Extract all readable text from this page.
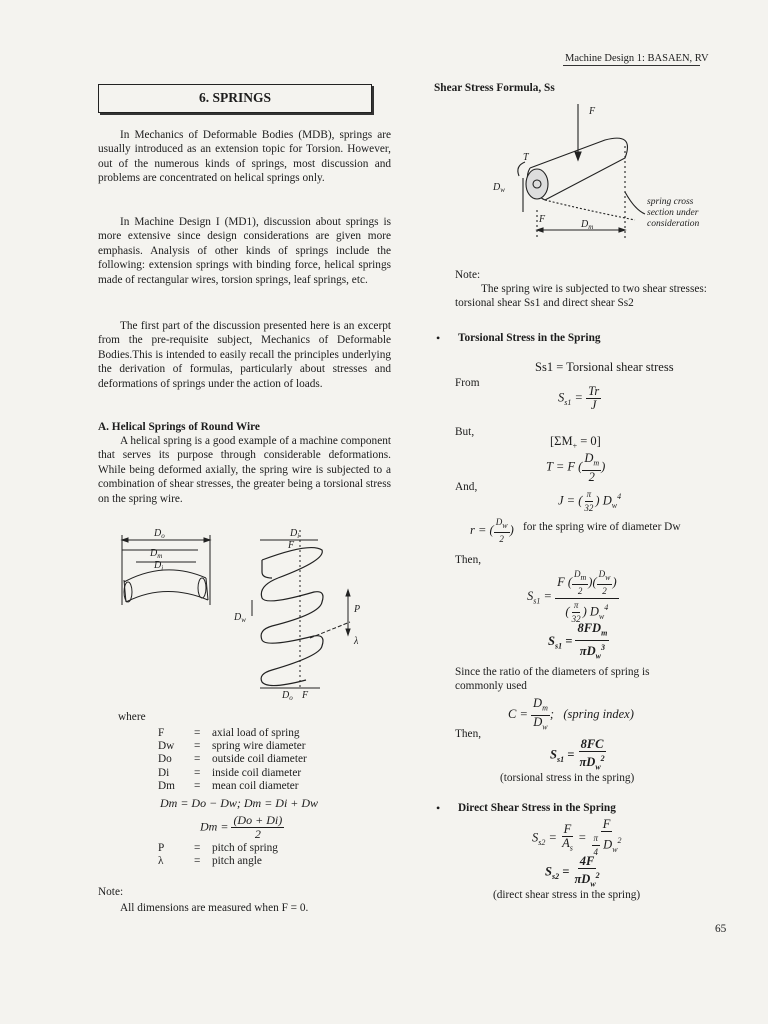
Machine Design 1: BASAEN, RV
6. SPRINGS
In Mechanics of Deformable Bodies (MDB), springs are usually introduced as an extension topic for Torsion. However, out of the numerous kinds of springs, most discussion and problems are concentrated on helical springs only.
In Machine Design I (MD1), discussion about springs is more extensive since design considerations are given more emphasis. Analysis of other kinds of springs include the following: extension springs with binding force, helical springs made of rectangular wires, torsion springs, leaf springs, etc.
The first part of the discussion presented here is an excerpt from the pre-requisite subject, Mechanics of Deformable Bodies.This is intended to easily recall the principles underlying the derivation of formulas, particularly about stresses and deformations of springs under the action of loads.
A. Helical Springs of Round Wire
A helical spring is a good example of a machine component that serves its purpose through considerable deformations. While being deformed axially, the spring wire is subjected to a combination of shear stresses, the greater being a torsional stress on the spring wire.
$D_o$
$D_m$
$D_i$
$D_i$
F
$D_w$
P
λ
$D_o$ F
where
F	=	axial load of spring
Dw	=	spring wire diameter
Do	=	outside coil diameter
Di	=	inside coil diameter
Dm	=	mean coil diameter
Dm = Do − Dw; Dm = Di + Dw
$Dm = \frac{(Do + Di)}{2}$
P	=	pitch of spring
λ	=	pitch angle
Note:
All dimensions are measured when F = 0.
Shear Stress Formula, Ss
F
T
$D_w$
F	$D_m$
spring cross
section under
consideration
Note:
The spring wire is subjected to two shear stresses: torsional shear Ss1 and direct shear Ss2
• Torsional Stress in the Spring
Ss1 = Torsional shear stress
From
$S_{s1} = \frac{Tr}{J}$
But,
$[\Sigma M_+ = 0]$
T = F ( $\frac{D_m}{2}$ )
And,
J = ( $\frac{\pi}{32}$ ) $D_w^4$
r = ( $\frac{D_w}{2}$ ) for the spring wire of diameter Dw
Then,
$S_{s1} = \frac{F ( \frac{D_m}{2} )( \frac{D_w}{2} )}{( \frac{\pi}{32} ) D_w^4}$
$S_{s1} = \frac{8FD_m}{\pi D_w^3}$
Since the ratio of the diameters of spring is commonly used
$C = \frac{D_m}{D_w}$ ;   (spring index)
Then,
$S_{s1} = \frac{8FC}{\pi D_w^2}$
(torsional stress in the spring)
• Direct Shear Stress in the Spring
$S_{s2} = \frac{F}{A_s} = \frac{F}{\frac{\pi}{4} D_w^2}$
$S_{s2} = \frac{4F}{\pi D_w^2}$
(direct shear stress in the spring)
65
